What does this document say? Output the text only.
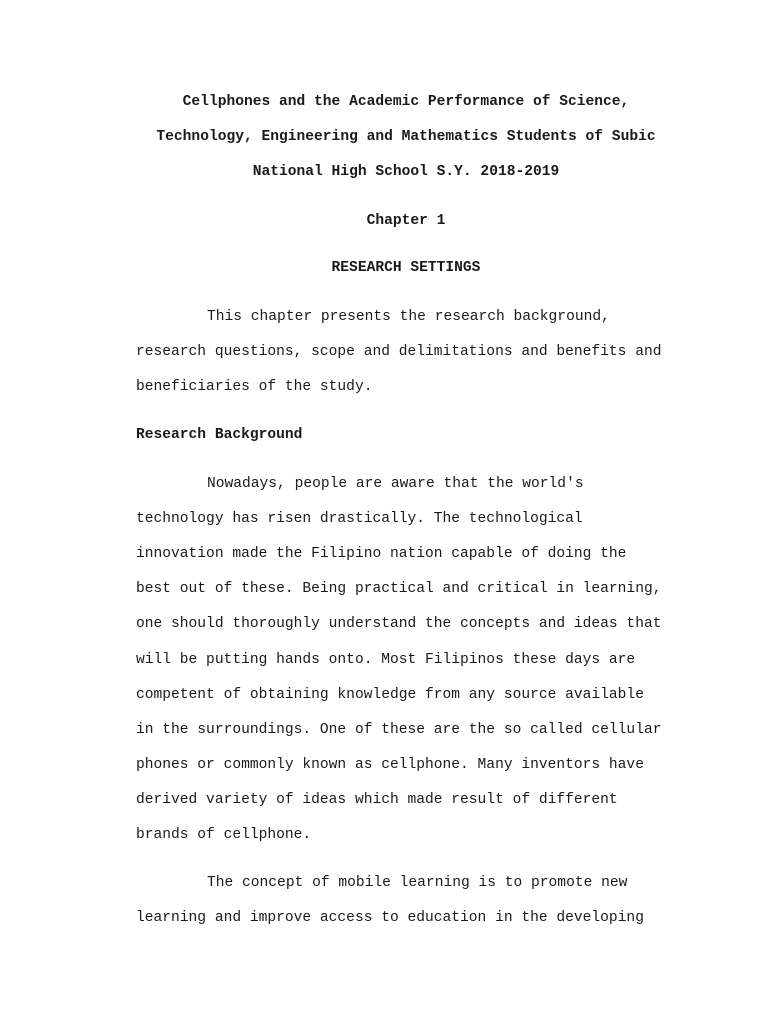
Cellphones and the Academic Performance of Science,
Technology, Engineering and Mathematics Students of Subic
National High School S.Y. 2018-2019
Chapter 1
RESEARCH SETTINGS
This chapter presents the research background,
research questions, scope and delimitations and benefits and
beneficiaries of the study.
Research Background
Nowadays, people are aware that the world's
technology has risen drastically. The technological
innovation made the Filipino nation capable of doing the
best out of these. Being practical and critical in learning,
one should thoroughly understand the concepts and ideas that
will be putting hands onto. Most Filipinos these days are
competent of obtaining knowledge from any source available
in the surroundings. One of these are the so called cellular
phones or commonly known as cellphone. Many inventors have
derived variety of ideas which made result of different
brands of cellphone.
The concept of mobile learning is to promote new
learning and improve access to education in the developing
